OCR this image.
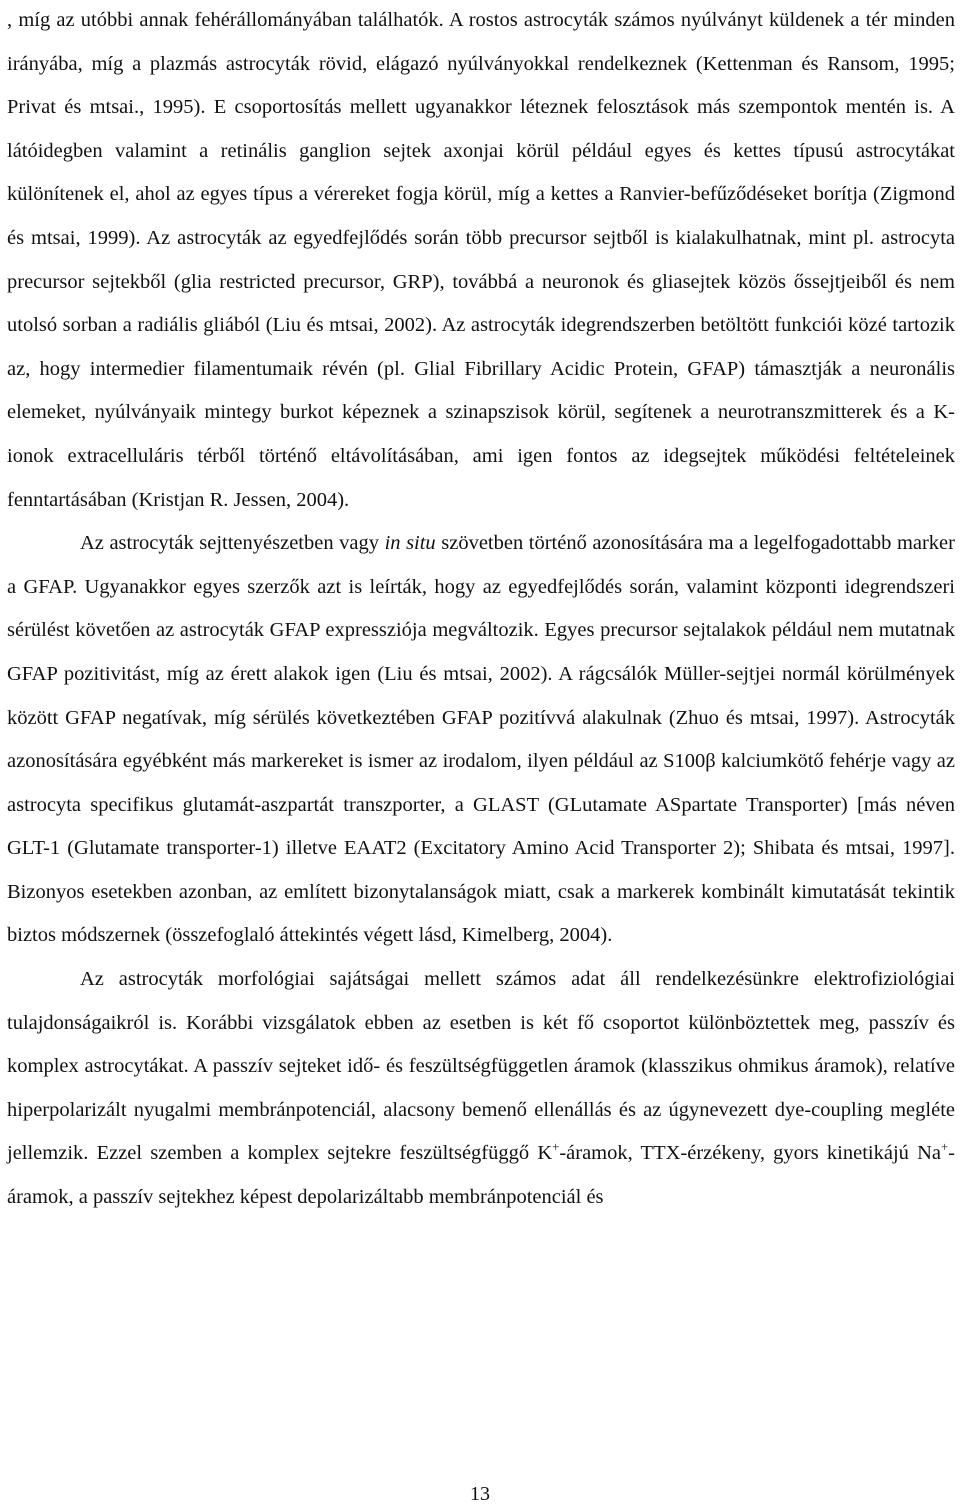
, míg az utóbbi annak fehérállományában találhatók. A rostos astrocyták számos nyúlványt küldenek a tér minden irányába, míg a plazmás astrocyták rövid, elágazó nyúlványokkal rendelkeznek (Kettenman és Ransom, 1995; Privat és mtsai., 1995). E csoportosítás mellett ugyanakkor léteznek felosztások más szempontok mentén is. A látóidegben valamint a retinális ganglion sejtek axonjai körül például egyes és kettes típusú astrocytákat különítenek el, ahol az egyes típus a vérereket fogja körül, míg a kettes a Ranvier-befűződéseket borítja (Zigmond és mtsai, 1999). Az astrocyták az egyedfejlődés során több precursor sejtből is kialakulhatnak, mint pl. astrocyta precursor sejtekből (glia restricted precursor, GRP), továbbá a neuronok és gliasejtek közös őssejtjeiből és nem utolsó sorban a radiális gliából (Liu és mtsai, 2002). Az astrocyták idegrendszerben betöltött funkciói közé tartozik az, hogy intermedier filamentumaik révén (pl. Glial Fibrillary Acidic Protein, GFAP) támasztják a neuronális elemeket, nyúlványaik mintegy burkot képeznek a szinapszisok körül, segítenek a neurotranszmitterek és a K-ionok extracelluláris térből történő eltávolításában, ami igen fontos az idegsejtek működési feltételeinek fenntartásában (Kristjan R. Jessen, 2004).

Az astrocyták sejttenyészetben vagy in situ szövetben történő azonosítására ma a legelfogadottabb marker a GFAP. Ugyanakkor egyes szerzők azt is leírták, hogy az egyedfejlődés során, valamint központi idegrendszeri sérülést követően az astrocyták GFAP expressziója megváltozik. Egyes precursor sejtalakok például nem mutatnak GFAP pozitivitást, míg az érett alakok igen (Liu és mtsai, 2002). A rágcsálók Müller-sejtjei normál körülmények között GFAP negatívak, míg sérülés következtében GFAP pozitívvá alakulnak (Zhuo és mtsai, 1997). Astrocyták azonosítására egyébként más markereket is ismer az irodalom, ilyen például az S100β kalciumkötő fehérje vagy az astrocyta specifikus glutamát-aszpartát transzporter, a GLAST (GLutamate ASpartate Transporter) [más néven GLT-1 (Glutamate transporter-1) illetve EAAT2 (Excitatory Amino Acid Transporter 2); Shibata és mtsai, 1997]. Bizonyos esetekben azonban, az említett bizonytalanságok miatt, csak a markerek kombinált kimutatását tekintik biztos módszernek (összefoglaló áttekintés végett lásd, Kimelberg, 2004).

Az astrocyták morfológiai sajátságai mellett számos adat áll rendelkezésünkre elektrofiziológiai tulajdonságaikról is. Korábbi vizsgálatok ebben az esetben is két fő csoportot különböztettek meg, passzív és komplex astrocytákat. A passzív sejteket idő- és feszültségfüggetlen áramok (klasszikus ohmikus áramok), relatíve hiperpolarizált nyugalmi membránpotenciál, alacsony bemenő ellenállás és az úgynevezett dye-coupling megléte jellemzik. Ezzel szemben a komplex sejtekre feszültségfüggő K+-áramok, TTX-érzékeny, gyors kinetikájú Na+-áramok, a passzív sejtekhez képest depolarizáltabb membránpotenciál és

13
